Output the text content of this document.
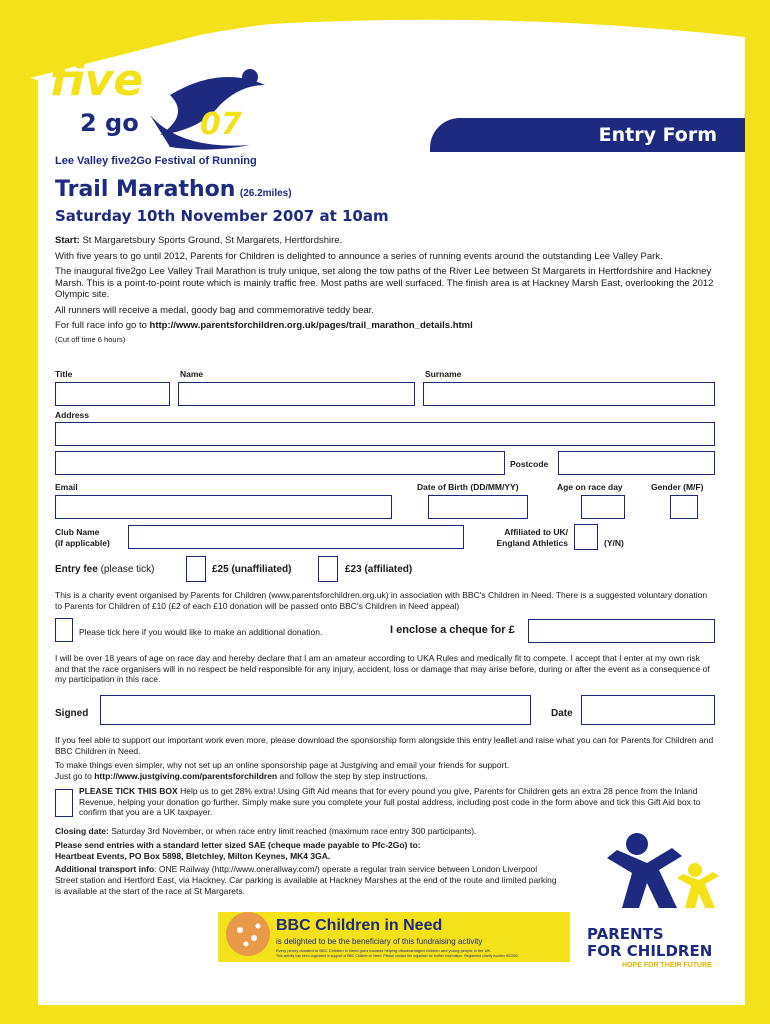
five
2 go 07	Entry Form
Lee Valley five2Go Festival of Running
Trail Marathon (26.2miles)
Saturday 10th November 2007 at 10am
Start: St Margaretsbury Sports Ground, St Margarets, Hertfordshire.
With five years to go until 2012, Parents for Children is delighted to announce a series of running events around the outstanding Lee Valley Park.
The inaugural five2go Lee Valley Trail Marathon is truly unique, set along the tow paths of the River Lee between St Margarets in Hertfordshire and Hackney Marsh. This is a point-to-point route which is mainly traffic free. Most paths are well surfaced. The finish area is at Hackney Marsh East, overlooking the 2012 Olympic site.
All runners will receive a medal, goody bag and commemorative teddy bear.
For full race info go to http://www.parentsforchildren.org.uk/pages/trail_marathon_details.html
(Cut off time 6 hours)
Title	Name	Surname
Address
Postcode
Email	Date of Birth (DD/MM/YY)	Age on race day	Gender (M/F)
Club Name
(if applicable)
Affiliated to UK/
England Athletics	(Y/N)
Entry fee (please tick)	£25 (unaffiliated)	£23 (affiliated)
This is a charity event organised by Parents for Children (www.parentsforchildren.org.uk) in association with BBC's Children in Need. There is a suggested voluntary donation to Parents for Children of £10 (£2 of each £10 donation will be passed onto BBC's Children in Need appeal)
Please tick here if you would like to make an additional donation.	I enclose a cheque for £
I will be over 18 years of age on race day and hereby declare that I am an amateur according to UKA Rules and medically fit to compete. I accept that I enter at my own risk and that the race organisers will in no respect be held responsible for any injury, accident, loss or damage that may arise before, during or after the event as a consequence of my participation in this race.
Signed	Date
If you feel able to support our important work even more, please download the sponsorship form alongside this entry leaflet and raise what you can for Parents for Children and BBC Children in Need.
To make things even simpler, why not set up an online sponsorship page at Justgiving and email your friends for support.
Just go to http://www.justgiving.com/parentsforchildren and follow the step by step instructions.
PLEASE TICK THIS BOX Help us to get 28% extra! Using Gift Aid means that for every pound you give, Parents for Children gets an extra 28 pence from the Inland Revenue, helping your donation go further. Simply make sure you complete your full postal address, including post code in the form above and tick this Gift Aid box to confirm that you are a UK taxpayer.
Closing date: Saturday 3rd November, or when race entry limit reached (maximum race entry 300 participants).
Please send entries with a standard letter sized SAE (cheque made payable to Pfc-2Go) to:
Heartbeat Events, PO Box 5898, Bletchley, Milton Keynes, MK4 3GA.
Additional transport info: ONE Railway (http://www.onerailway.com/) operate a regular train service between London Liverpool Street station and Hertford East, via Hackney. Car parking is available at Hackney Marshes at the end of the route and limited parking is available at the start of the race at St Margarets.
BBC Children in Need
is delighted to be the beneficiary of this fundraising activity
Every penny donated to BBC Children in Need goes towards helping disadvantaged children and young people in the UK.
This activity has been organised in support of BBC Children in Need. Please contact the organiser for further information. Registered charity number 802052.
PARENTS
FOR CHILDREN
HOPE FOR THEIR FUTURE
